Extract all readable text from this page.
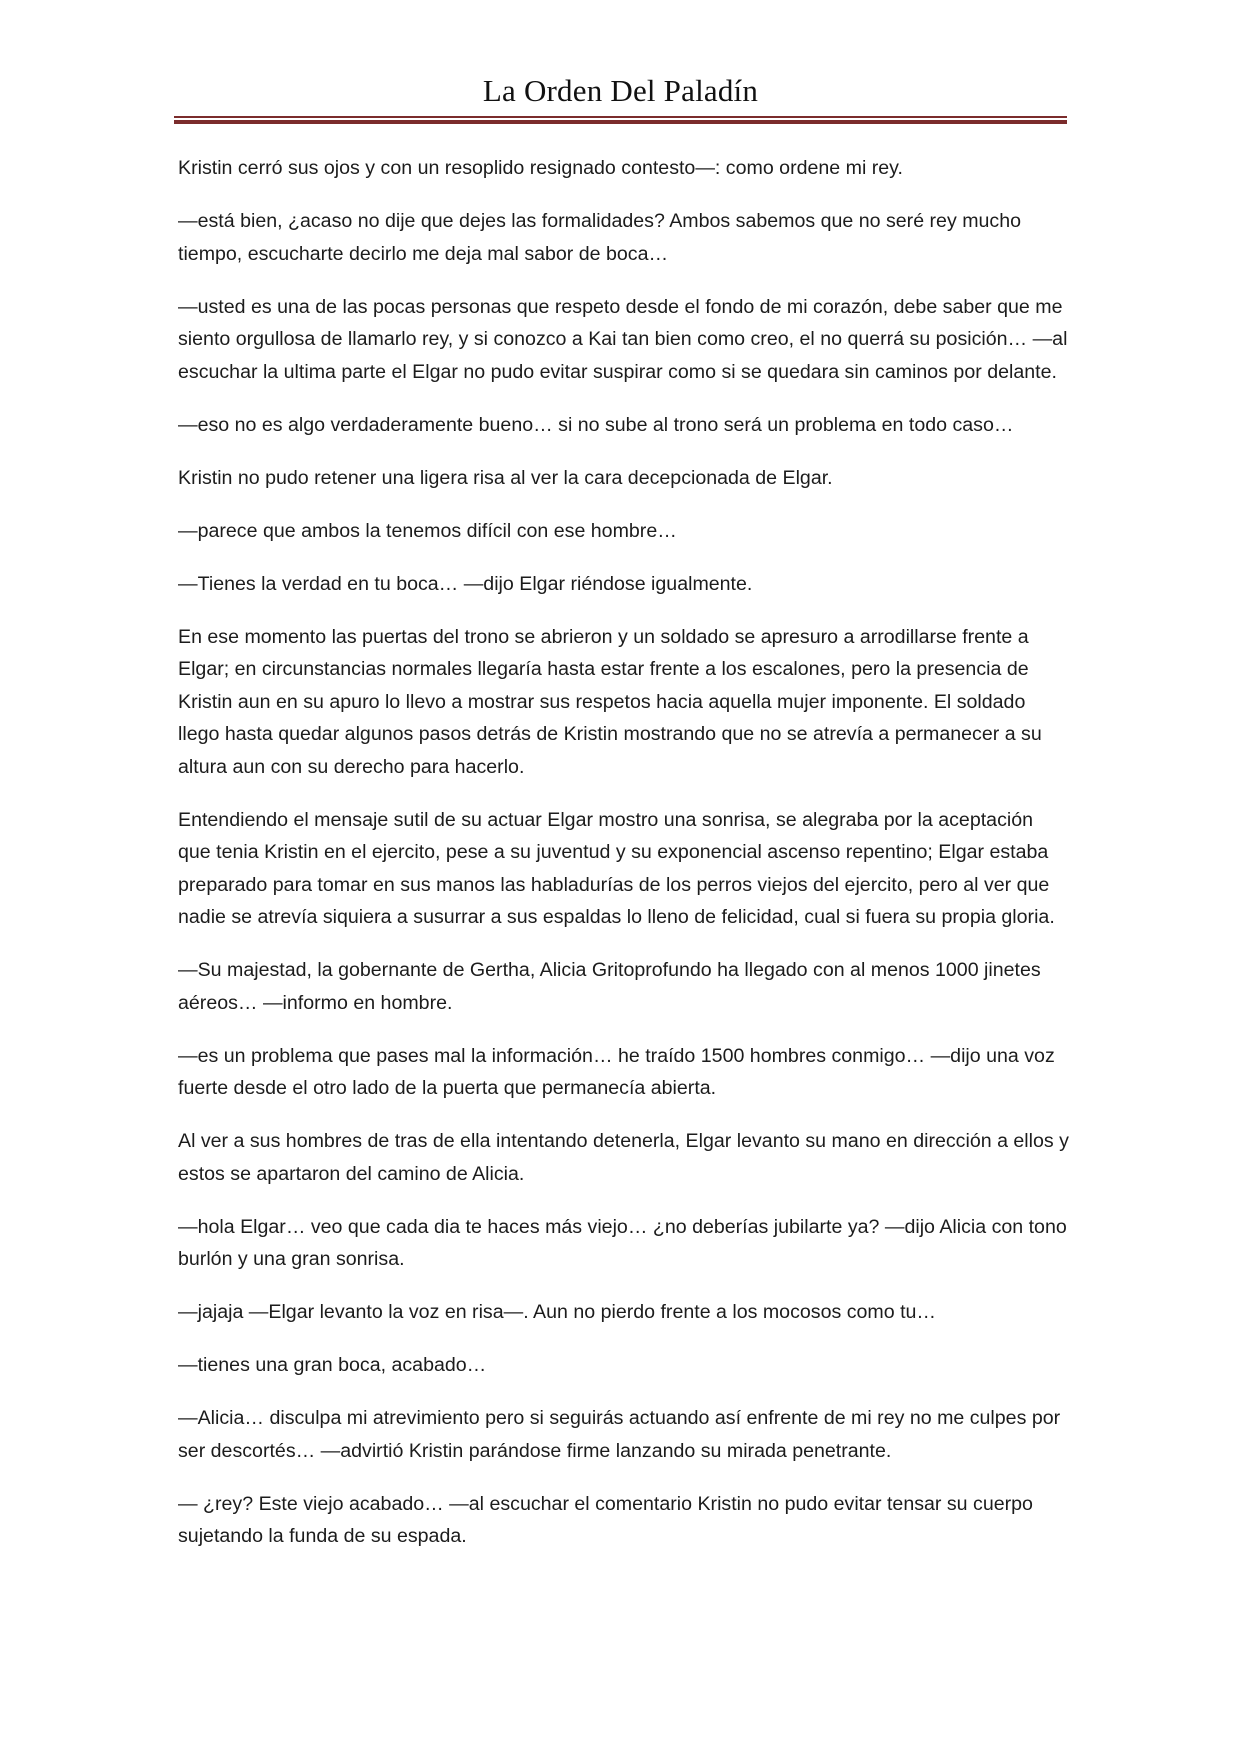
La Orden Del Paladín

Kristin cerró sus ojos y con un resoplido resignado contesto—: como ordene mi rey.

—está bien, ¿acaso no dije que dejes las formalidades? Ambos sabemos que no seré rey mucho tiempo, escucharte decirlo me deja mal sabor de boca…

—usted es una de las pocas personas que respeto desde el fondo de mi corazón, debe saber que me siento orgullosa de llamarlo rey, y si conozco a Kai tan bien como creo, el no querrá su posición… —al escuchar la ultima parte el Elgar no pudo evitar suspirar como si se quedara sin caminos por delante.

—eso no es algo verdaderamente bueno… si no sube al trono será un problema en todo caso…

Kristin no pudo retener una ligera risa al ver la cara decepcionada de Elgar.

—parece que ambos la tenemos difícil con ese hombre…

—Tienes la verdad en tu boca… —dijo Elgar riéndose igualmente.

En ese momento las puertas del trono se abrieron y un soldado se apresuro a arrodillarse frente a Elgar; en circunstancias normales llegaría hasta estar frente a los escalones, pero la presencia de Kristin aun en su apuro lo llevo a mostrar sus respetos hacia aquella mujer imponente. El soldado llego hasta quedar algunos pasos detrás de Kristin mostrando que no se atrevía a permanecer a su altura aun con su derecho para hacerlo.

Entendiendo el mensaje sutil de su actuar Elgar mostro una sonrisa, se alegraba por la aceptación que tenia Kristin en el ejercito, pese a su juventud y su exponencial ascenso repentino; Elgar estaba preparado para tomar en sus manos las habladurías de los perros viejos del ejercito, pero al ver que nadie se atrevía siquiera a susurrar a sus espaldas lo lleno de felicidad, cual si fuera su propia gloria.

—Su majestad, la gobernante de Gertha, Alicia Gritoprofundo ha llegado con al menos 1000 jinetes aéreos… —informo en hombre.

—es un problema que pases mal la información… he traído 1500 hombres conmigo… —dijo una voz fuerte desde el otro lado de la puerta que permanecía abierta.

Al ver a sus hombres de tras de ella intentando detenerla, Elgar levanto su mano en dirección a ellos y estos se apartaron del camino de Alicia.

—hola Elgar… veo que cada dia te haces más viejo… ¿no deberías jubilarte ya? —dijo Alicia con tono burlón y una gran sonrisa.

—jajaja —Elgar levanto la voz en risa—. Aun no pierdo frente a los mocosos como tu…

—tienes una gran boca, acabado…

—Alicia… disculpa mi atrevimiento pero si seguirás actuando así enfrente de mi rey no me culpes por ser descortés… —advirtió Kristin parándose firme lanzando su mirada penetrante.

— ¿rey? Este viejo acabado… —al escuchar el comentario Kristin no pudo evitar tensar su cuerpo sujetando la funda de su espada.
